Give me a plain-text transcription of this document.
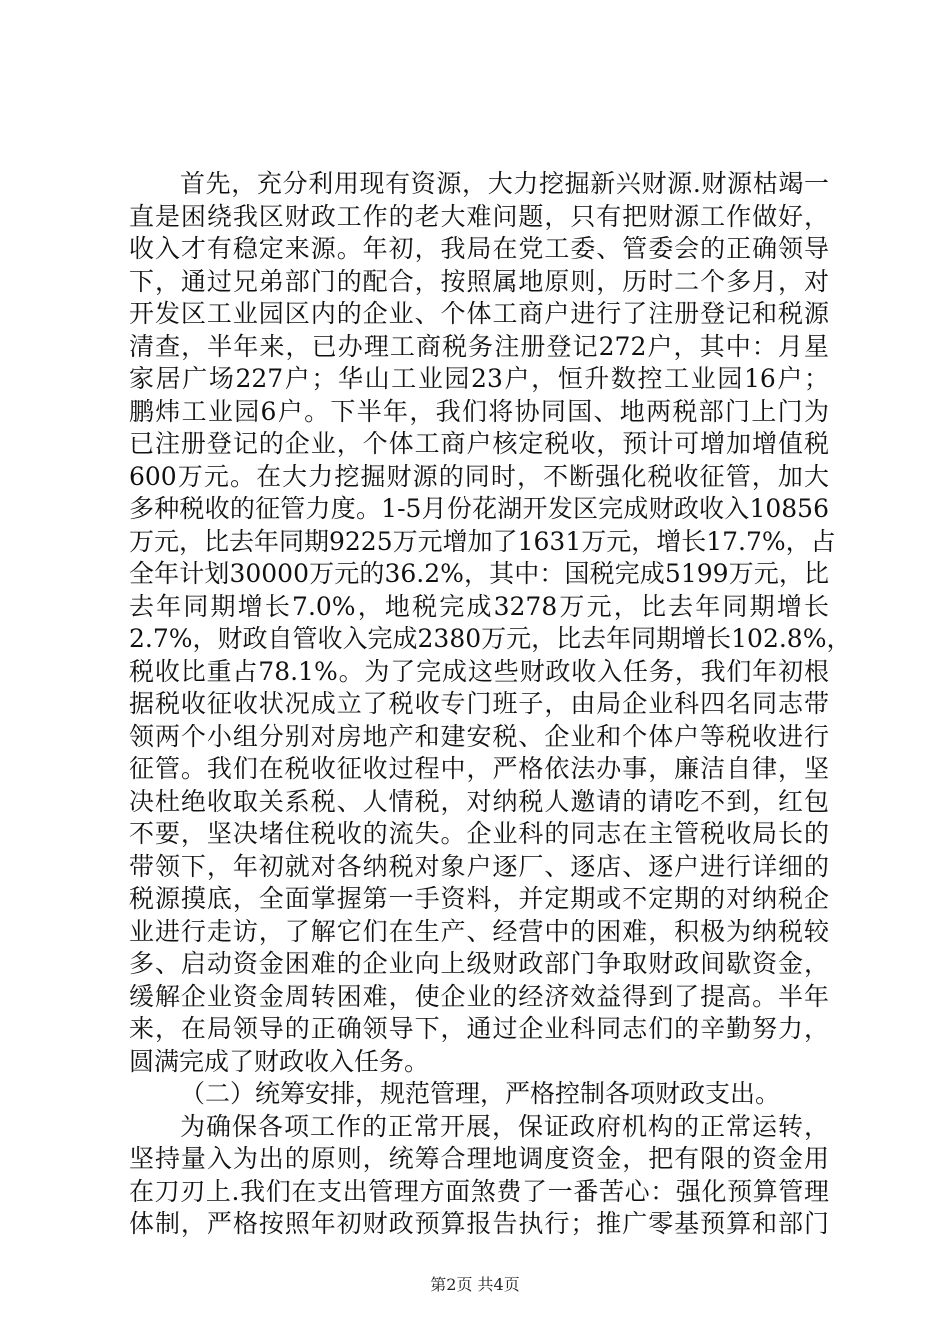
首先，充分利用现有资源，大力挖掘新兴财源.财源枯竭一
直是困绕我区财政工作的老大难问题，只有把财源工作做好，
收入才有稳定来源。年初，我局在党工委、管委会的正确领导
下，通过兄弟部门的配合，按照属地原则，历时二个多月，对
开发区工业园区内的企业、个体工商户进行了注册登记和税源
清查，半年来，已办理工商税务注册登记272户，其中：月星
家居广场227户；华山工业园23户，恒升数控工业园16户；
鹏炜工业园6户。下半年，我们将协同国、地两税部门上门为
已注册登记的企业，个体工商户核定税收，预计可增加增值税
600万元。在大力挖掘财源的同时，不断强化税收征管，加大
多种税收的征管力度。1-5月份花湖开发区完成财政收入10856
万元，比去年同期9225万元增加了1631万元，增长17.7%，占
全年计划30000万元的36.2%，其中：国税完成5199万元，比
去年同期增长7.0%，地税完成3278万元，比去年同期增长
2.7%，财政自管收入完成2380万元，比去年同期增长102.8%，
税收比重占78.1%。为了完成这些财政收入任务，我们年初根
据税收征收状况成立了税收专门班子，由局企业科四名同志带
领两个小组分别对房地产和建安税、企业和个体户等税收进行
征管。我们在税收征收过程中，严格依法办事，廉洁自律，坚
决杜绝收取关系税、人情税，对纳税人邀请的请吃不到，红包
不要，坚决堵住税收的流失。企业科的同志在主管税收局长的
带领下，年初就对各纳税对象户逐厂、逐店、逐户进行详细的
税源摸底，全面掌握第一手资料，并定期或不定期的对纳税企
业进行走访，了解它们在生产、经营中的困难，积极为纳税较
多、启动资金困难的企业向上级财政部门争取财政间歇资金，
缓解企业资金周转困难，使企业的经济效益得到了提高。半年
来，在局领导的正确领导下，通过企业科同志们的辛勤努力，
圆满完成了财政收入任务。
（二）统筹安排，规范管理，严格控制各项财政支出。
为确保各项工作的正常开展，保证政府机构的正常运转，
坚持量入为出的原则，统筹合理地调度资金，把有限的资金用
在刀刃上.我们在支出管理方面煞费了一番苦心：强化预算管理
体制，严格按照年初财政预算报告执行；推广零基预算和部门
第2页 共4页
